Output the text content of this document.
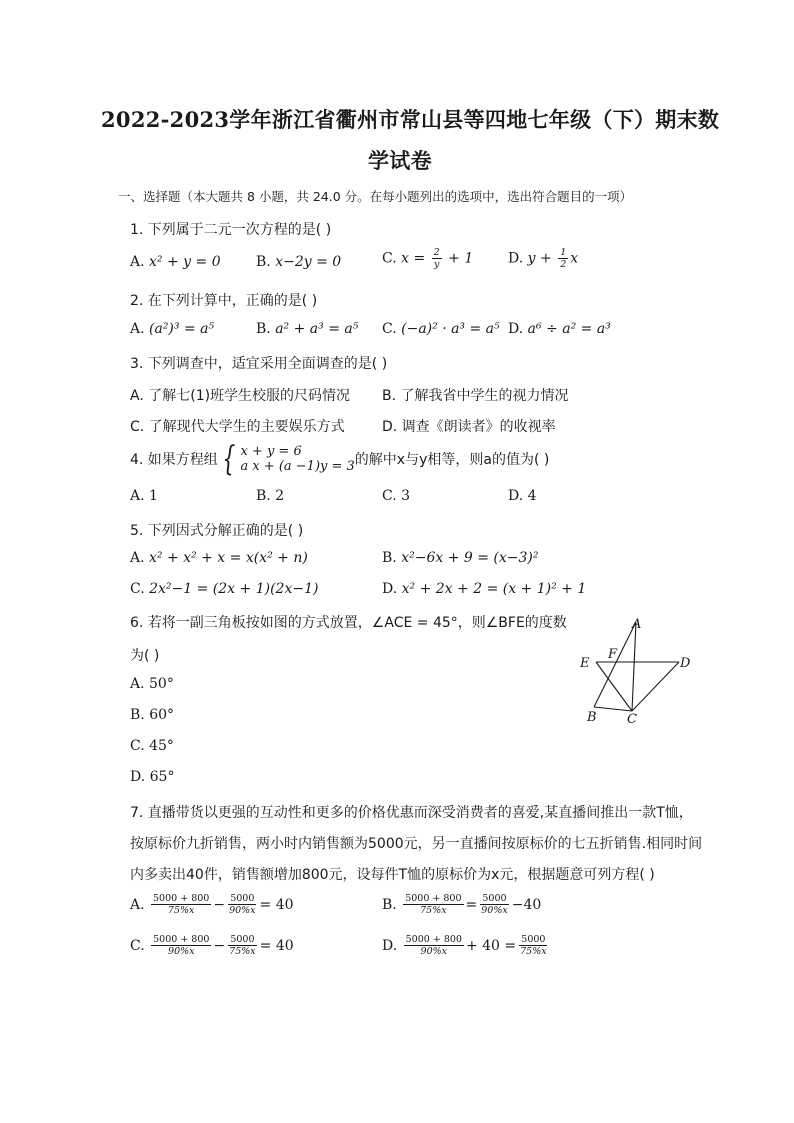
2022-2023学年浙江省衢州市常山县等四地七年级（下）期末数
学试卷
一、选择题（本大题共 8 小题，共 24.0 分。在每小题列出的选项中，选出符合题目的一项）
1. 下列属于二元一次方程的是( )
A. x² + y = 0	B. x−2y = 0	C. $x = \frac{2}{y} + 1$ D. $y + \frac{1}{2}$ x
2. 在下列计算中，正确的是( )
A. (a²)³ = a⁵	B. a² + a³ = a⁵ C. (−a)² · a³ = a⁵ D. a⁶ ÷ a² = a³
3. 下列调查中，适宜采用全面调查的是( )
A. 了解七(1)班学生校服的尺码情况 B. 了解我省中学生的视力情况
C. 了解现代大学生的主要娱乐方式	D. 调查《朗读者》的收视率
4. 如果方程组 { x + y = 6
a x + (a −1)y = 3 的解中x与y相等，则a的值为( )
A. 1	B. 2	C. 3	D. 4
5. 下列因式分解正确的是( )
A. x² + x² + x = x(x² + n)	B. x²−6x + 9 = (x−3)²
C. 2x²−1 = (2x + 1)(2x−1)	D. x² + 2x + 2 = (x + 1)² + 1
6. 若将一副三角板按如图的方式放置，∠ACE = 45°，则∠BFE的度数
为( )
A. 50°
B. 60°
C. 45°
D. 65°
A
B C
D
E
F
7. 直播带货以更强的互动性和更多的价格优惠而深受消费者的喜爱,某直播间推出一款T恤，
按原标价九折销售，两小时内销售额为5000元，另一直播间按原标价的七五折销售.相同时间
内多卖出40件，销售额增加800元，设每件T恤的原标价为x元，根据题意可列方程( )
A.
$\frac{5000 + 800}{75\%x} - \frac{5000}{90\%x} = 40$	B.
$\frac{5000 + 800}{75\%x} = \frac{5000}{90\%x} -40$
C.
$\frac{5000 + 800}{90\%x} - \frac{5000}{75\%x} = 40$	D.
$\frac{5000 + 800}{90\%x} + 40 = \frac{5000}{75\%x}$
